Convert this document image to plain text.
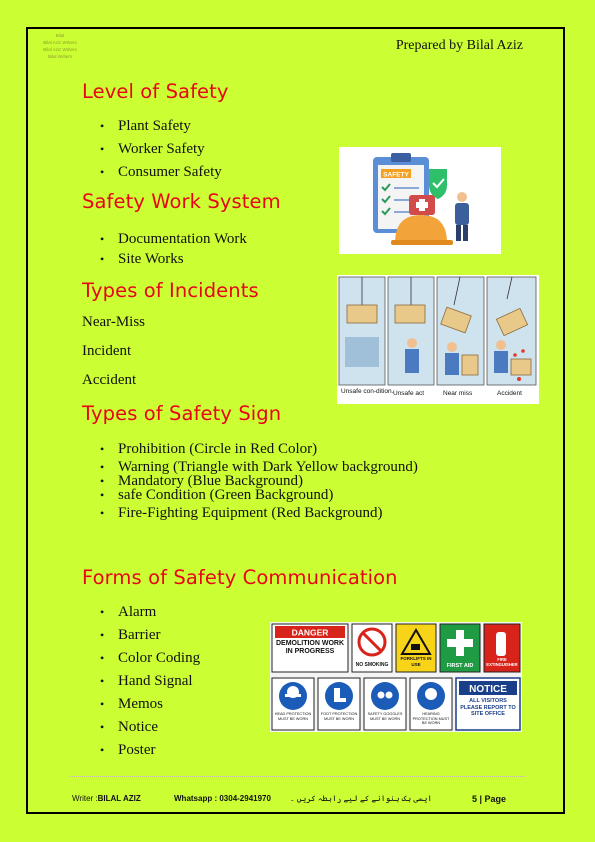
Bilal
Bilal Aziz Writers
Bilal Aziz Writers
Bilal Writers
Prepared by Bilal Aziz
Level of Safety
• Plant Safety
• Worker Safety
• Consumer Safety	SAFETY
Safety Work System
• Documentation Work
• Site Works
Types of Incidents

Near-Miss

Incident

Accident

Unsafe con-dition. Unsafe act	Near miss	Accident
Types of Safety Sign
• Prohibition (Circle in Red Color)
• Warning (Triangle with Dark Yellow background)
• Mandatory (Blue Background)
• safe Condition (Green Background)
• Fire-Fighting Equipment (Red Background)
Forms of Safety Communication
• Alarm
• Barrier
• Color Coding
• Hand Signal
• Memos
• Notice
• Poster
DANGER
DEMOLITION WORK IN PROGRESS
NO SMOKING
FORKLIFTS IN USE	FIRST AID
FIRE EXTINGUISHER
HEAD PROTECTION MUST BE WORN
FOOT PROTECTION MUST BE WORN
SAFETY GOGGLES MUST BE WORN
HEARING PROTECTION MUST BE WORN
NOTICE
ALL VISITORS PLEASE REPORT TO SITE OFFICE
Writer :BILAL AZIZ	Whatsapp : 0304-2941970 ایسی بک بنوانے کے لیے رابطہ کریں ۔	5 | Page
